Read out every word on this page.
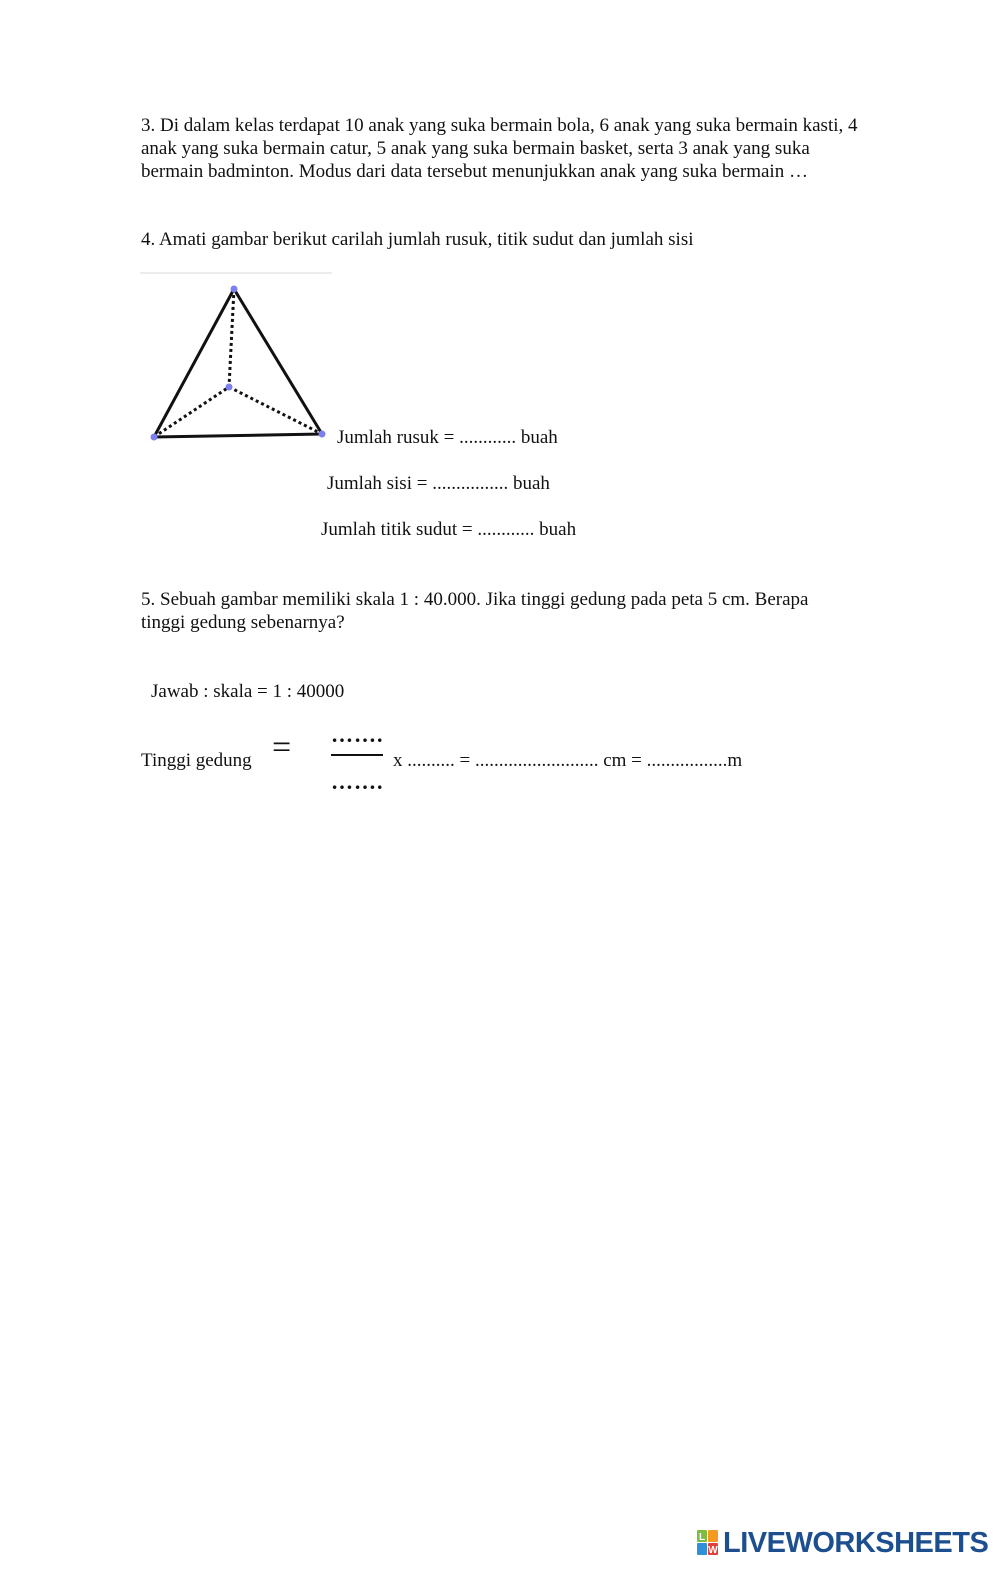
3. Di dalam kelas terdapat 10 anak yang suka bermain bola, 6 anak yang suka bermain kasti, 4

anak yang suka bermain catur, 5 anak yang suka bermain basket, serta 3 anak yang suka

bermain badminton. Modus dari data tersebut menunjukkan anak yang suka bermain …

4. Amati gambar berikut carilah jumlah rusuk, titik sudut dan jumlah sisi
Jumlah rusuk = ............ buah
Jumlah sisi = ................ buah
Jumlah titik sudut = ............ buah
5. Sebuah gambar memiliki skala 1 : 40.000. Jika tinggi gedung pada peta 5 cm. Berapa
tinggi gedung sebenarnya?
Jawab : skala = 1 : 40000
Tinggi gedung = …….
…….
x .......... = .......................... cm = .................m
L
W LIVEWORKSHEETS
